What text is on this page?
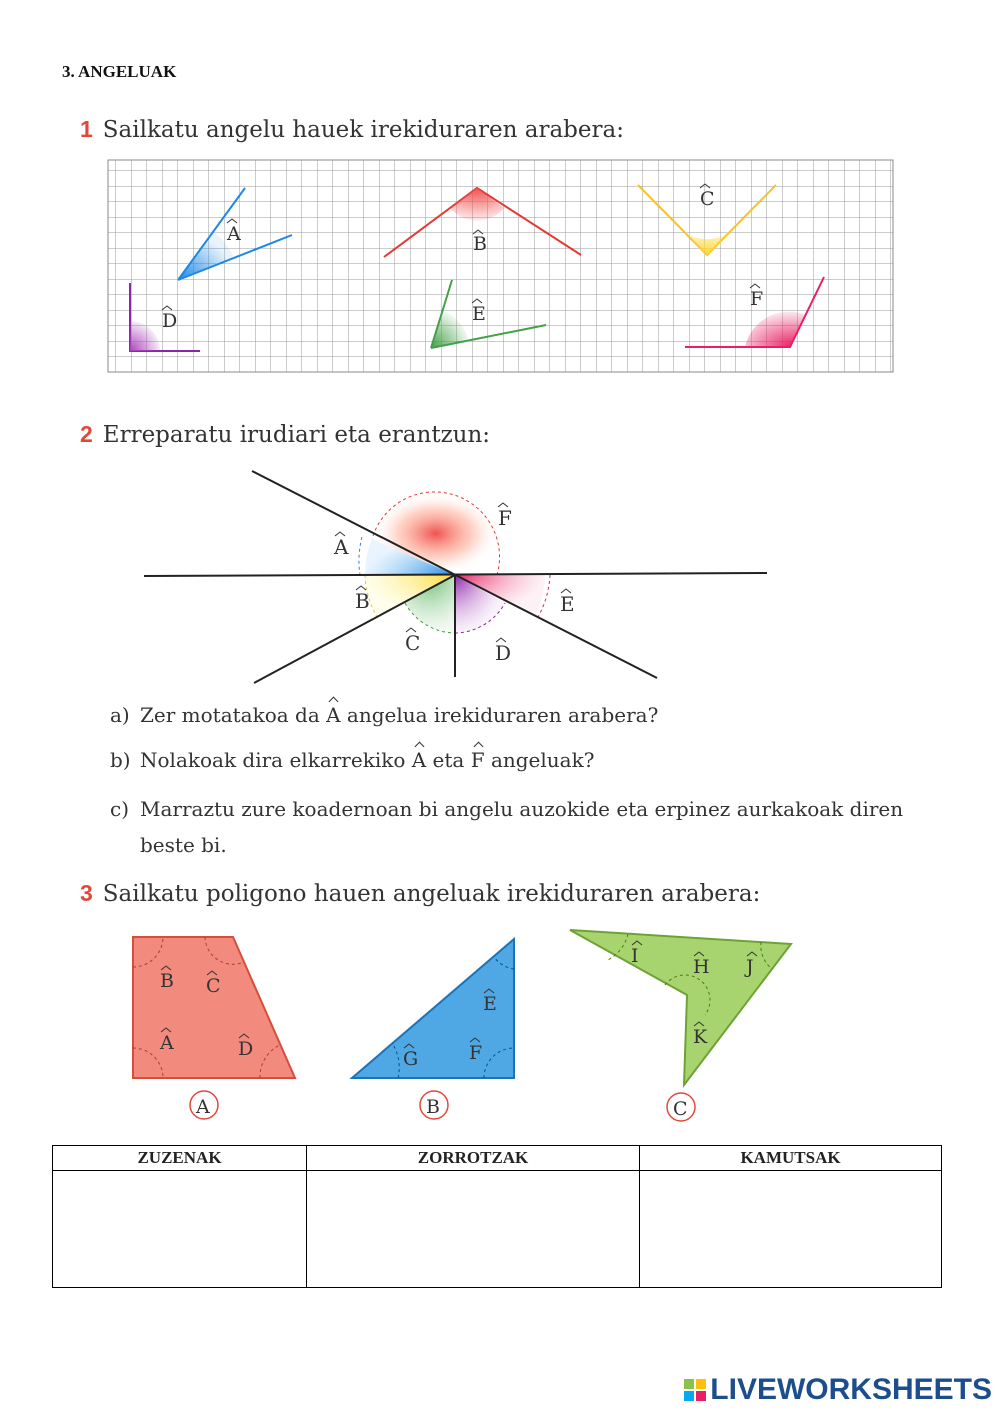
3. ANGELUAK
1 Sailkatu angelu hauek irekiduraren arabera:
A	B
C
D	E
F
2 Erreparatu irudiari eta erantzun:
F
A
B
C	D
E
a) Zer motatakoa da A angelua irekiduraren arabera?
b) Nolakoak dira elkarrekiko A eta F angeluak?
c) Marraztu zure koadernoan bi angelu auzokide eta erpinez aurkakoak diren
beste bi.
3 Sailkatu poligono hauen angeluak irekiduraren arabera:
B C
A	D
A
E
G	F
B
I	H J
K
C
ZUZENAK	ZORROTZAK	KAMUTSAK

LIVEWORKSHEETS
